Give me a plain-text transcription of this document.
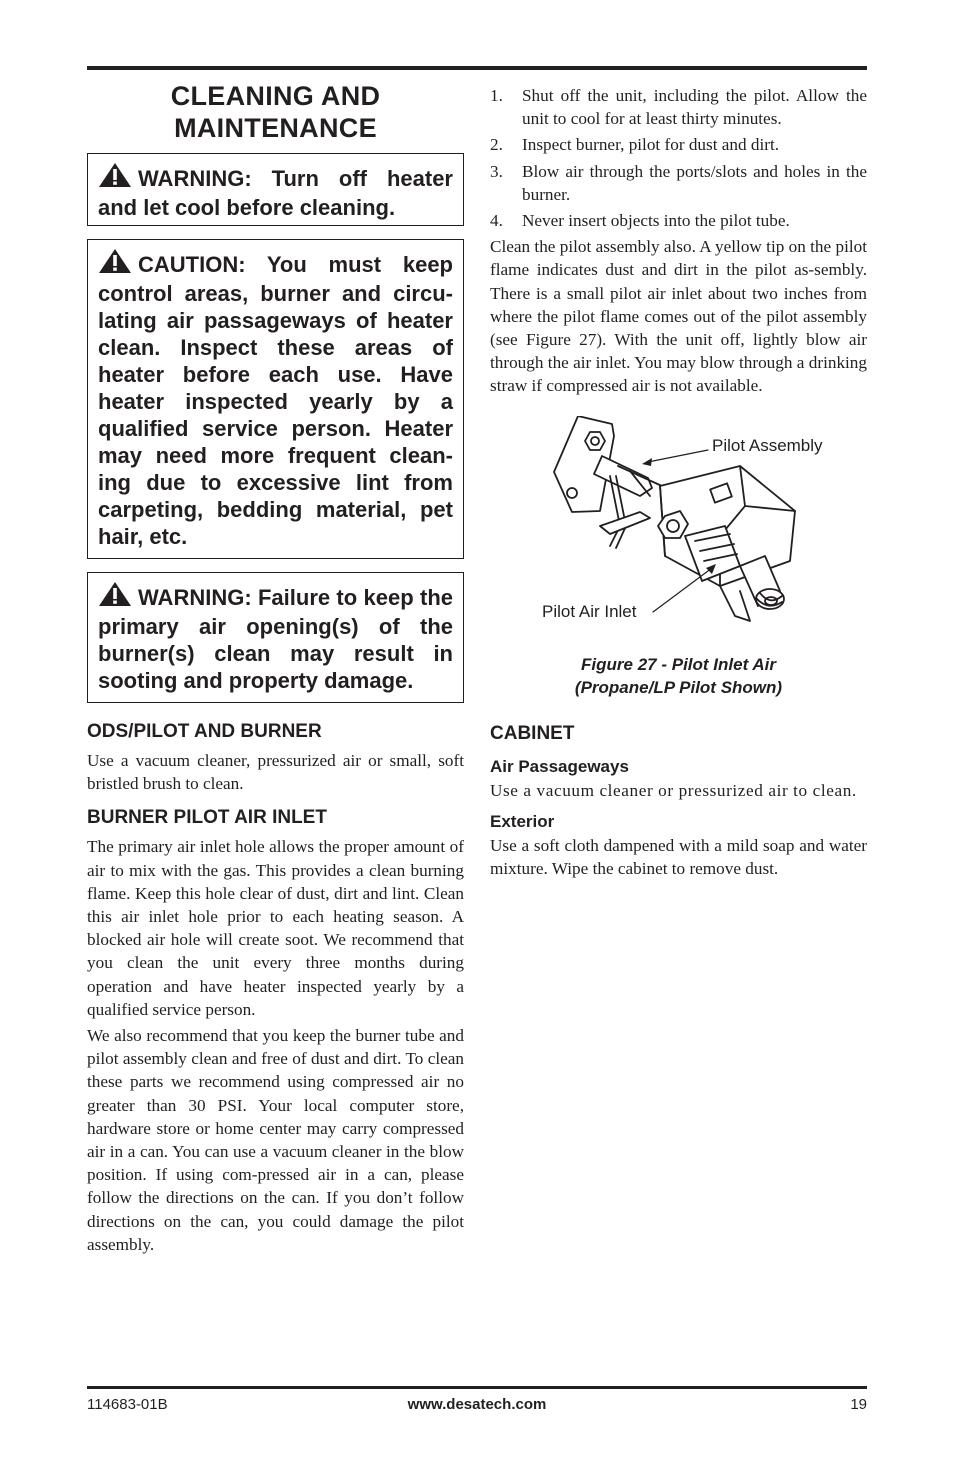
CLEANING AND
MAINTENANCE
WARNING: Turn off heater and let cool before cleaning.
CAUTION: You must keep control areas, burner and circu-lating air passageways of heater clean. Inspect these areas of heater before each use. Have heater inspected yearly by a qualified service person. Heater may need more frequent clean-ing due to excessive lint from carpeting, bedding material, pet hair, etc.
WARNING: Failure to keep the primary air opening(s) of the burner(s) clean may result in sooting and property damage.
ODS/PILOT AND BURNER

Use a vacuum cleaner, pressurized air or small, soft bristled brush to clean.

BURNER PILOT AIR INLET

The primary air inlet hole allows the proper amount of air to mix with the gas. This provides a clean burning flame. Keep this hole clear of dust, dirt and lint. Clean this air inlet hole prior to each heating season. A blocked air hole will create soot. We recommend that you clean the unit every three months during operation and have heater inspected yearly by a qualified service person.

We also recommend that you keep the burner tube and pilot assembly clean and free of dust and dirt. To clean these parts we recommend using compressed air no greater than 30 PSI. Your local computer store, hardware store or home center may carry compressed air in a can. You can use a vacuum cleaner in the blow position. If using com-pressed air in a can, please follow the directions on the can. If you don’t follow directions on the can, you could damage the pilot assembly.

1.	Shut off the unit, including the pilot. Allow the unit to cool for at least thirty minutes.
2.	Inspect burner, pilot for dust and dirt.
3.	Blow air through the ports/slots and holes in the burner.
4.	Never insert objects into the pilot tube.

Clean the pilot assembly also. A yellow tip on the pilot flame indicates dust and dirt in the pilot as-sembly. There is a small pilot air inlet about two inches from where the pilot flame comes out of the pilot assembly (see Figure 27). With the unit off, lightly blow air through the air inlet. You may blow through a drinking straw if compressed air is not available.

Pilot Assembly
Pilot Air Inlet

Figure 27 - Pilot Inlet Air
(Propane/LP Pilot Shown)

CABINET
Air Passageways

Use a vacuum cleaner or pressurized air to clean.

Exterior

Use a soft cloth dampened with a mild soap and water mixture. Wipe the cabinet to remove dust.

114683-01B	www.desatech.com	19
